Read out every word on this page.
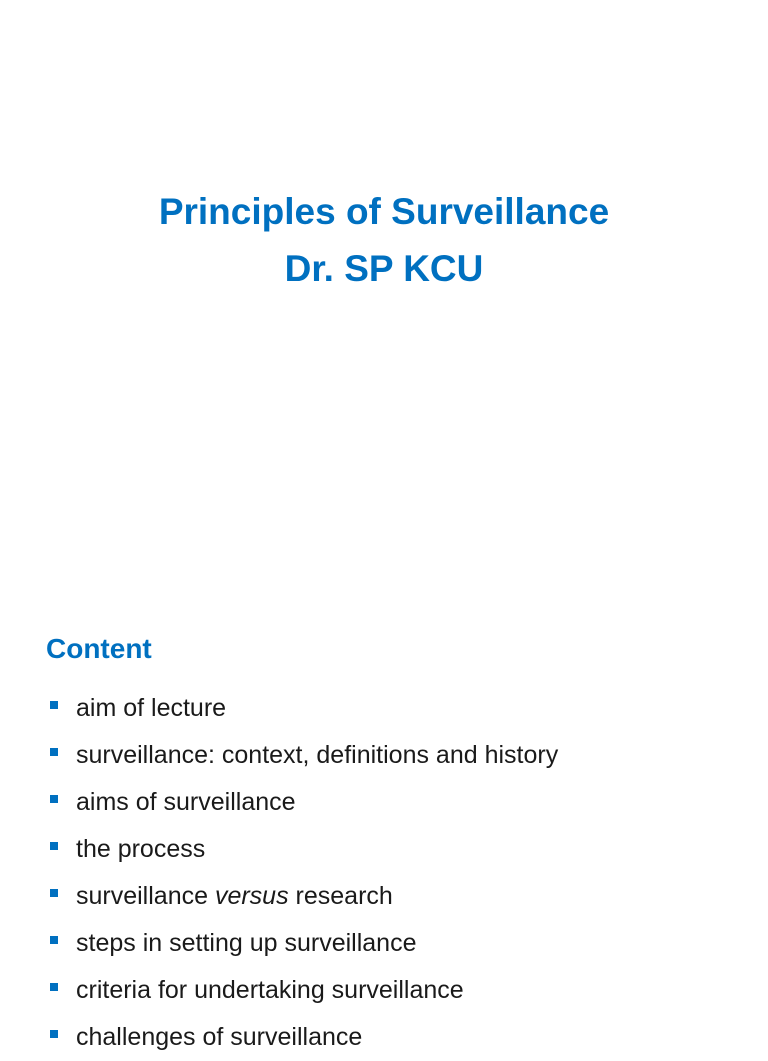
Principles of Surveillance
Dr. SP KCU
Content
aim of lecture
surveillance: context, definitions and history
aims of surveillance
the process
surveillance versus research
steps in setting up surveillance
criteria for undertaking surveillance
challenges of surveillance
